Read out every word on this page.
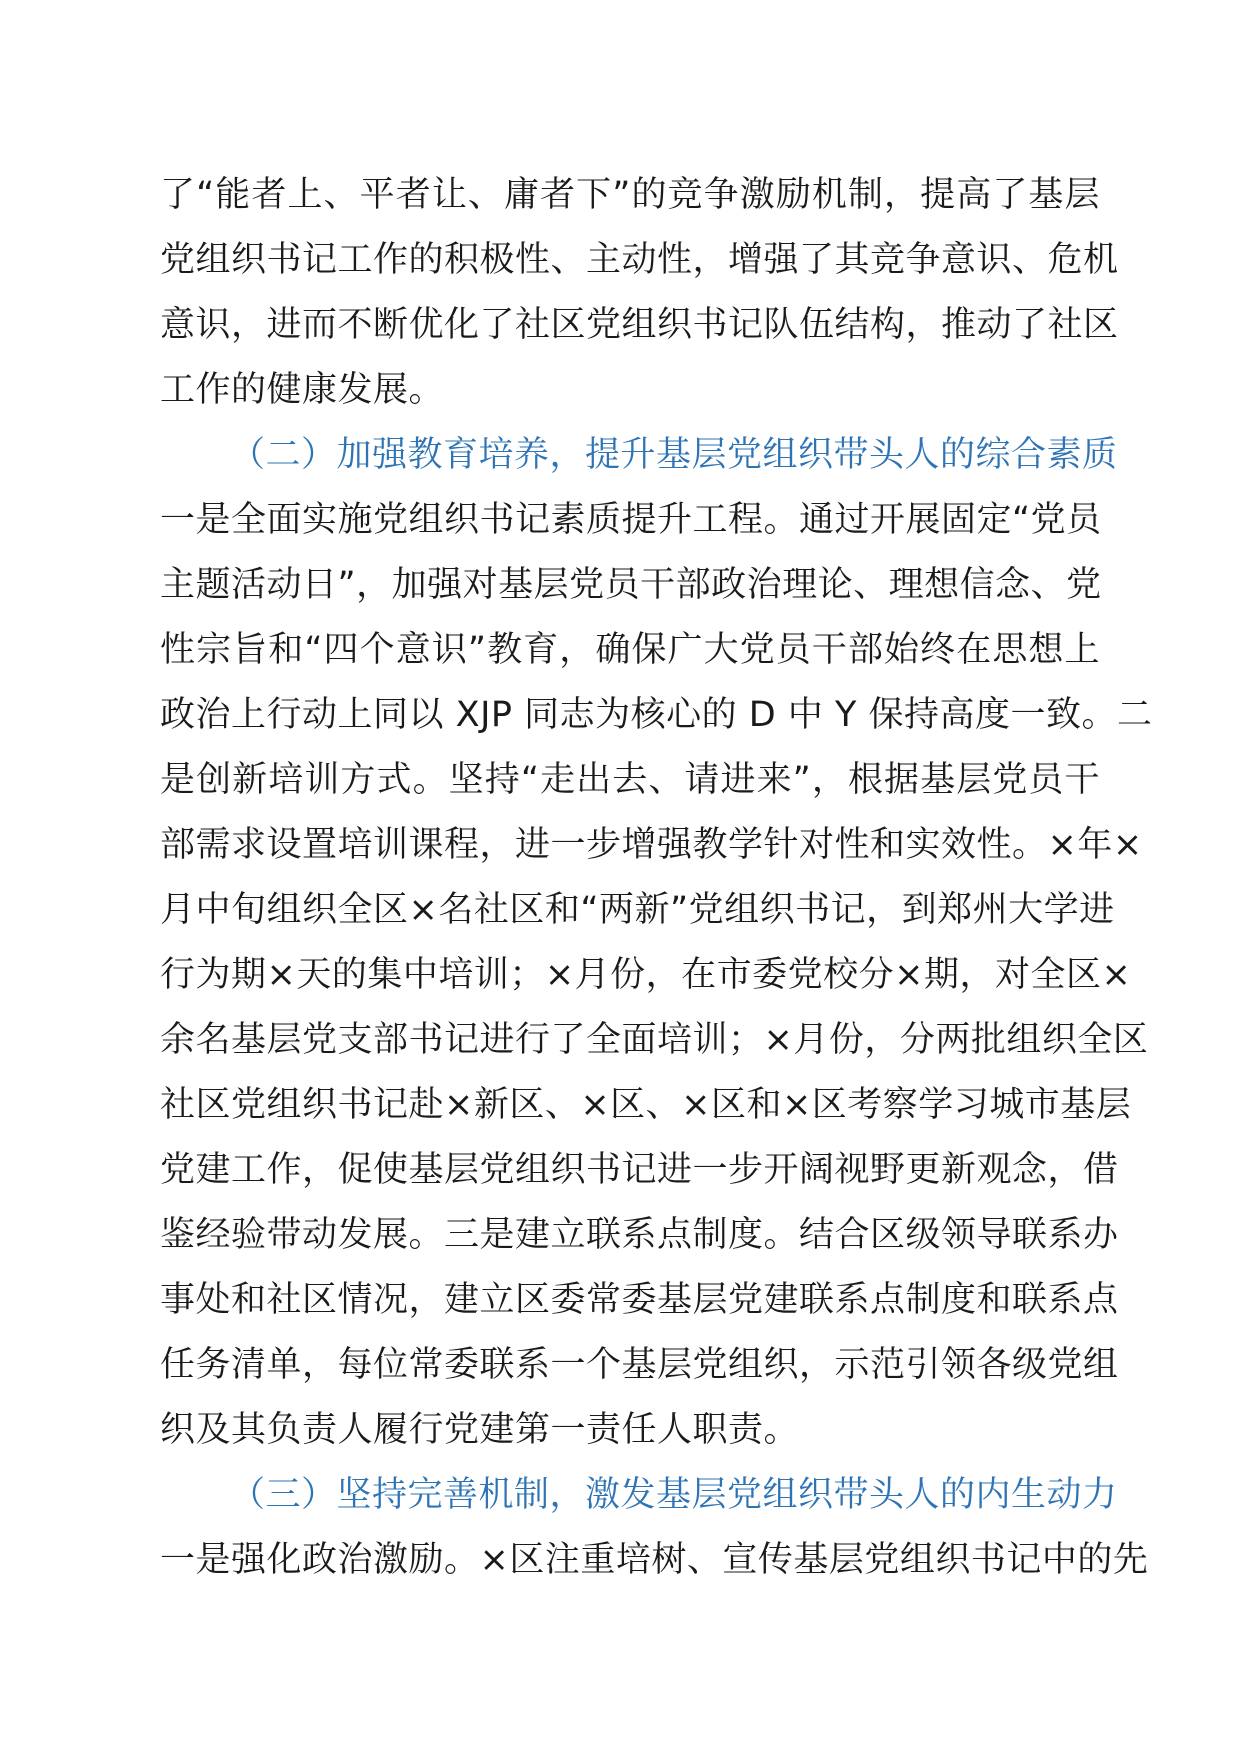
了“能者上、平者让、庸者下”的竞争激励机制，提高了基层
党组织书记工作的积极性、主动性，增强了其竞争意识、危机
意识，进而不断优化了社区党组织书记队伍结构，推动了社区
工作的健康发展。
（二）加强教育培养，提升基层党组织带头人的综合素质
一是全面实施党组织书记素质提升工程。通过开展固定“党员
主题活动日”，加强对基层党员干部政治理论、理想信念、党
性宗旨和“四个意识”教育，确保广大党员干部始终在思想上
政治上行动上同以 XJP 同志为核心的 D 中 Y 保持高度一致。二
是创新培训方式。坚持“走出去、请进来”，根据基层党员干
部需求设置培训课程，进一步增强教学针对性和实效性。×年×
月中旬组织全区×名社区和“两新”党组织书记，到郑州大学进
行为期×天的集中培训；×月份，在市委党校分×期，对全区×
余名基层党支部书记进行了全面培训；×月份，分两批组织全区
社区党组织书记赴×新区、×区、×区和×区考察学习城市基层
党建工作，促使基层党组织书记进一步开阔视野更新观念，借
鉴经验带动发展。三是建立联系点制度。结合区级领导联系办
事处和社区情况，建立区委常委基层党建联系点制度和联系点
任务清单，每位常委联系一个基层党组织，示范引领各级党组
织及其负责人履行党建第一责任人职责。
（三）坚持完善机制，激发基层党组织带头人的内生动力
一是强化政治激励。×区注重培树、宣传基层党组织书记中的先
